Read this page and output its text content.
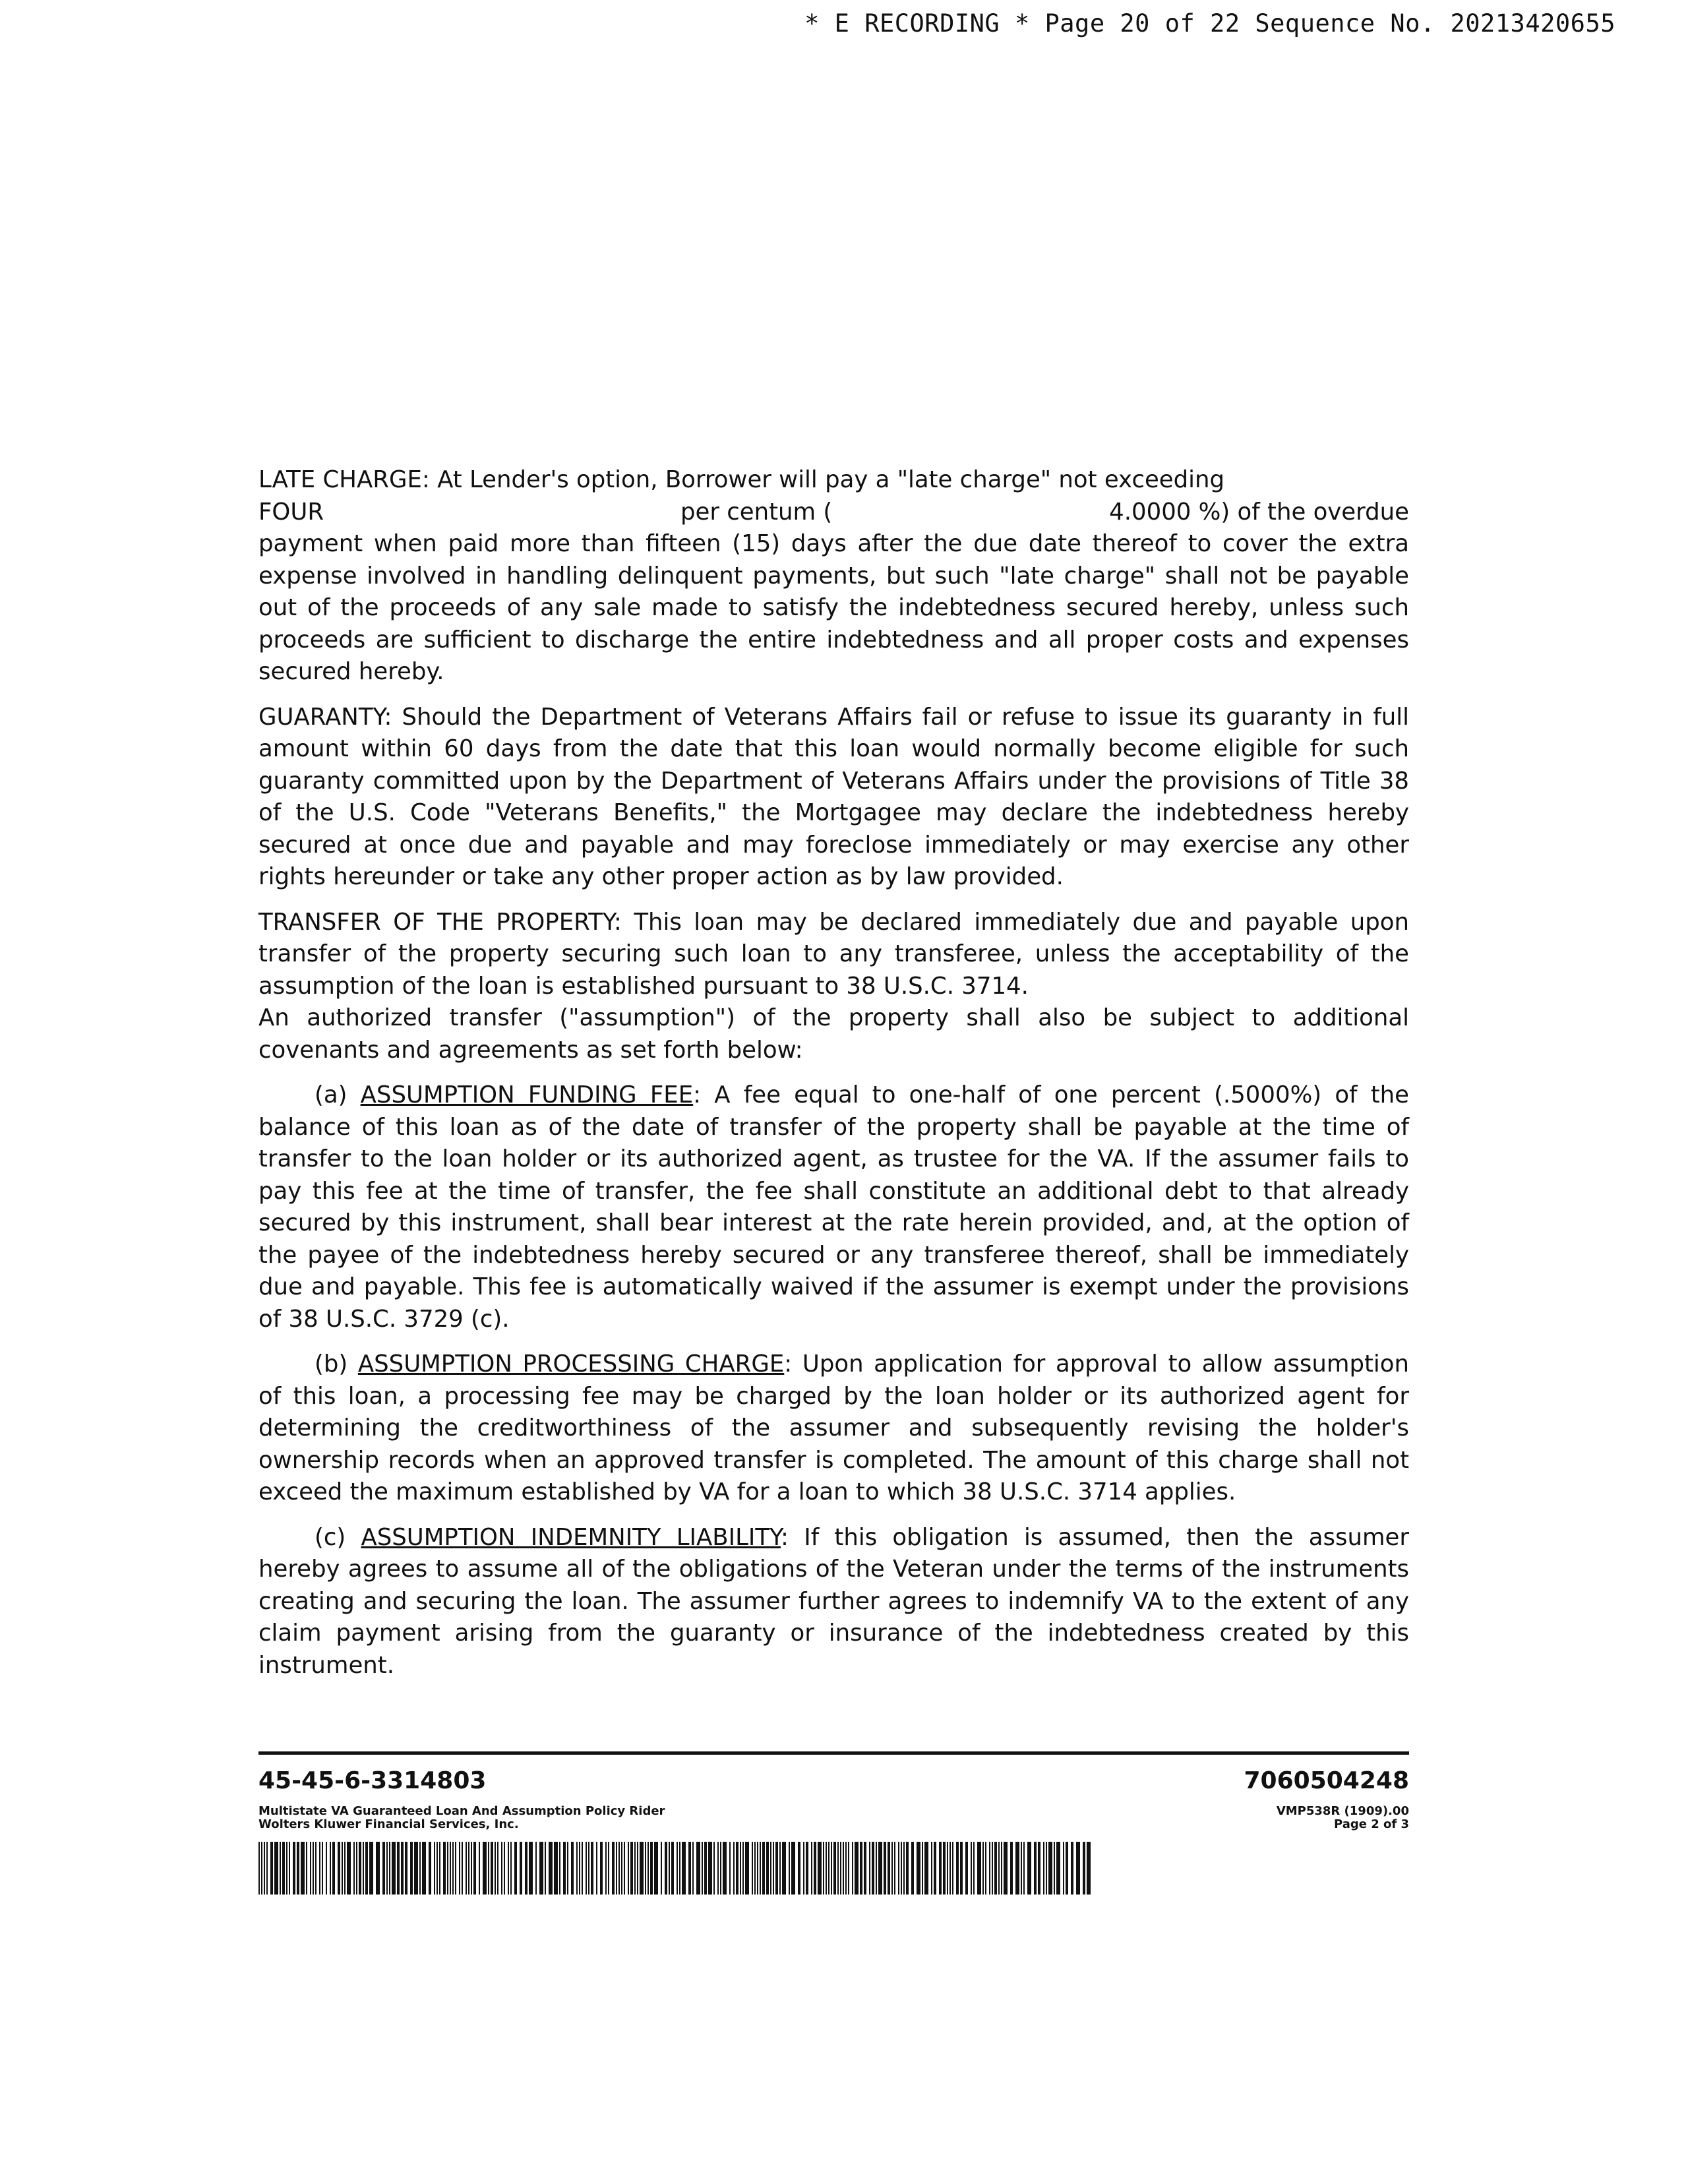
* E RECORDING * Page 20 of 22 Sequence No. 20213420655
LATE CHARGE: At Lender's option, Borrower will pay a "late charge" not exceeding
FOUR	per centum (	4.0000 %) of the overdue
payment when paid more than fifteen (15) days after the due date thereof to cover the extra expense involved in handling delinquent payments, but such "late charge" shall not be payable out of the proceeds of any sale made to satisfy the indebtedness secured hereby, unless such proceeds are sufficient to discharge the entire indebtedness and all proper costs and expenses secured hereby.
GUARANTY: Should the Department of Veterans Affairs fail or refuse to issue its guaranty in full amount within 60 days from the date that this loan would normally become eligible for such guaranty committed upon by the Department of Veterans Affairs under the provisions of Title 38 of the U.S. Code "Veterans Benefits," the Mortgagee may declare the indebtedness hereby secured at once due and payable and may foreclose immediately or may exercise any other rights hereunder or take any other proper action as by law provided.
TRANSFER OF THE PROPERTY: This loan may be declared immediately due and payable upon transfer of the property securing such loan to any transferee, unless the acceptability of the assumption of the loan is established pursuant to 38 U.S.C. 3714.
An authorized transfer ("assumption") of the property shall also be subject to additional covenants and agreements as set forth below:
(a) ASSUMPTION FUNDING FEE: A fee equal to one-half of one percent (.5000%) of the balance of this loan as of the date of transfer of the property shall be payable at the time of transfer to the loan holder or its authorized agent, as trustee for the VA. If the assumer fails to pay this fee at the time of transfer, the fee shall constitute an additional debt to that already secured by this instrument, shall bear interest at the rate herein provided, and, at the option of the payee of the indebtedness hereby secured or any transferee thereof, shall be immediately due and payable. This fee is automatically waived if the assumer is exempt under the provisions of 38 U.S.C. 3729 (c).
(b) ASSUMPTION PROCESSING CHARGE: Upon application for approval to allow assumption of this loan, a processing fee may be charged by the loan holder or its authorized agent for determining the creditworthiness of the assumer and subsequently revising the holder's ownership records when an approved transfer is completed. The amount of this charge shall not exceed the maximum established by VA for a loan to which 38 U.S.C. 3714 applies.
(c) ASSUMPTION INDEMNITY LIABILITY: If this obligation is assumed, then the assumer hereby agrees to assume all of the obligations of the Veteran under the terms of the instruments creating and securing the loan. The assumer further agrees to indemnify VA to the extent of any claim payment arising from the guaranty or insurance of the indebtedness created by this instrument.
45-45-6-3314803	7060504248
Multistate VA Guaranteed Loan And Assumption Policy Rider
Wolters Kluwer Financial Services, Inc.
VMP538R (1909).00
Page 2 of 3
